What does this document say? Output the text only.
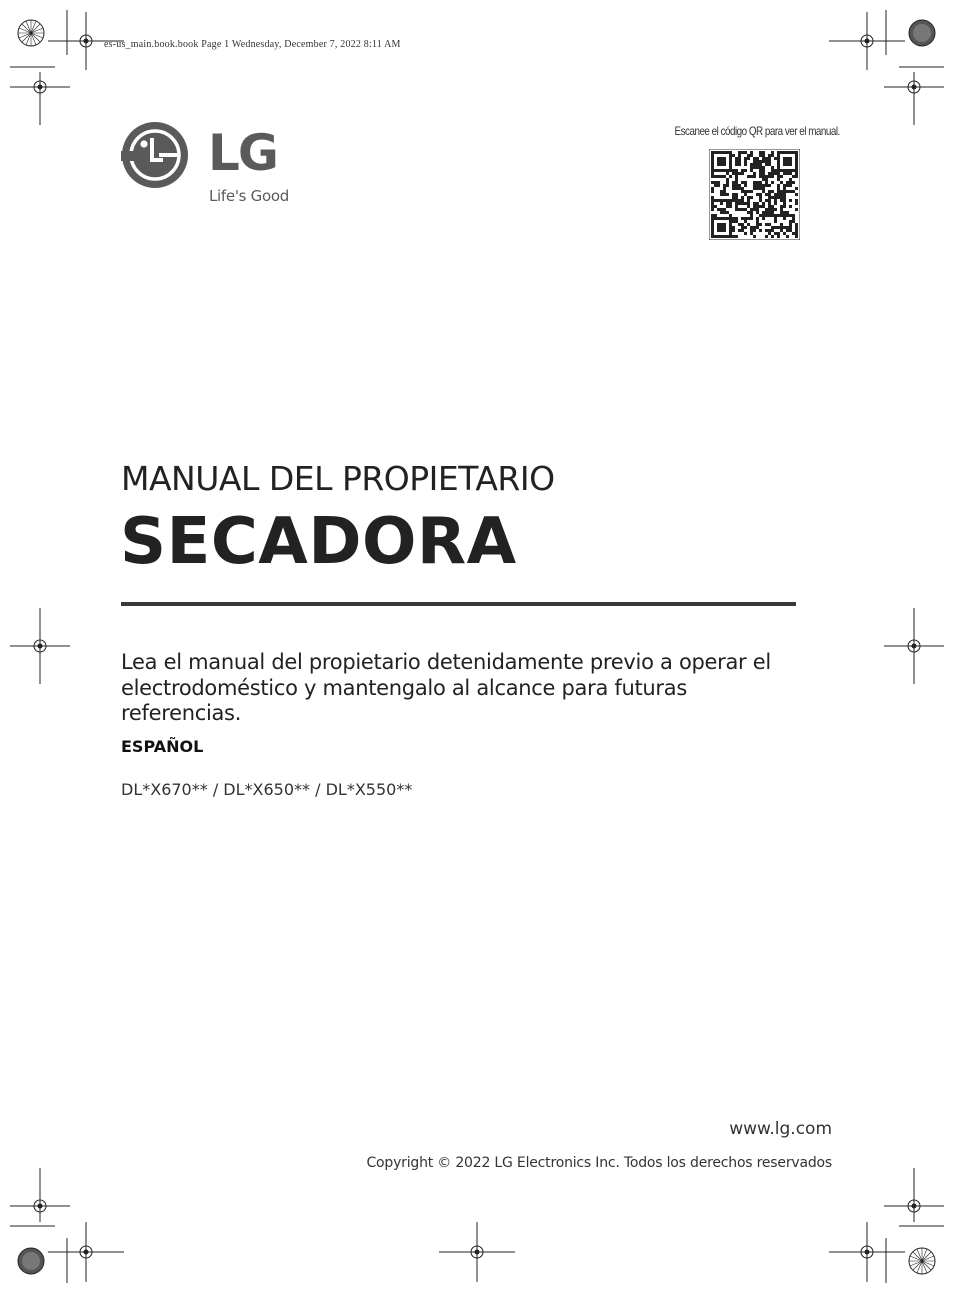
es-us_main.book.book Page 1 Wednesday, December 7, 2022 8:11 AM
LG
Life's Good
Escanee el código QR para ver el manual.
MANUAL DEL PROPIETARIO
SECADORA
Lea el manual del propietario detenidamente previo a operar el electrodoméstico y mantengalo al alcance para futuras referencias.
ESPAÑOL
DL*X670** / DL*X650** / DL*X550**
www.lg.com
Copyright © 2022 LG Electronics Inc. Todos los derechos reservados
